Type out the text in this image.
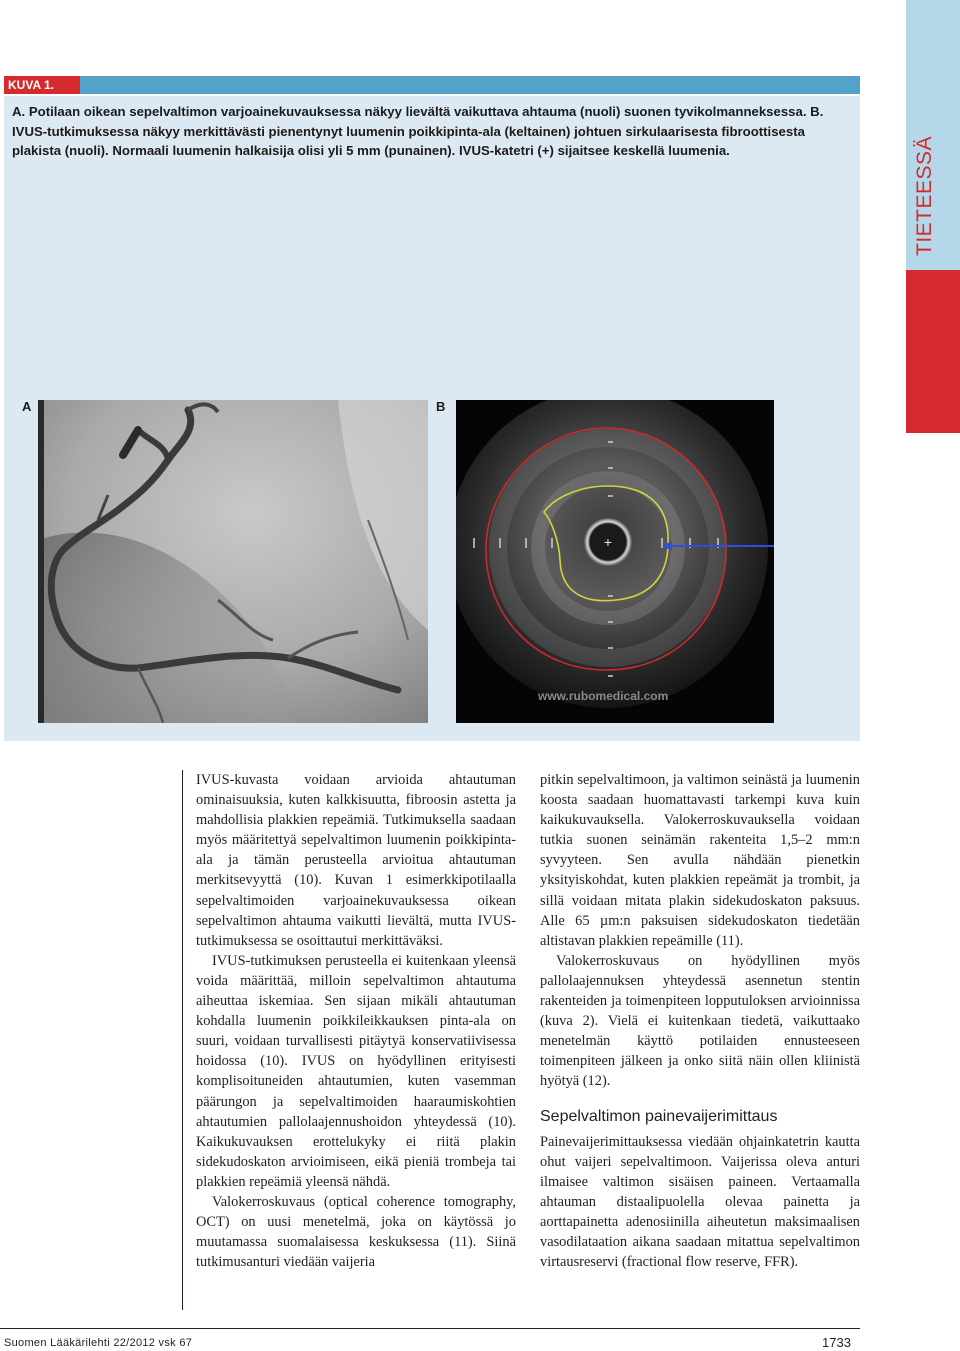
TIETEESSÄ
KUVA 1.
A. Potilaan oikean sepelvaltimon varjoainekuvauksessa näkyy lievältä vaikuttava ahtauma (nuoli) suonen tyvikolmanneksessa. B. IVUS-tutkimuksessa näkyy merkittävästi pienentynyt luumenin poikkipinta-ala (keltainen) johtuen sirkulaarisesta fibroottisesta plakista (nuoli). Normaali luumenin halkaisija olisi yli 5 mm (punainen). IVUS-katetri (+) sijaitsee keskellä luumenia.
A	B
+
www.rubomedical.com

IVUS-kuvasta voidaan arvioida ahtautuman ominaisuuksia, kuten kalkkisuutta, fibroosin astetta ja mahdollisia plakkien repeämiä. Tutkimuksella saadaan myös määritettyä sepelvaltimon luumenin poikkipinta-ala ja tämän perusteella arvioitua ahtautuman merkitsevyyttä (10). Kuvan 1 esimerkkipotilaalla sepelvaltimoiden varjoainekuvauksessa oikean sepelvaltimon ahtauma vaikutti lievältä, mutta IVUS-tutkimuksessa se osoittautui merkittäväksi.

IVUS-tutkimuksen perusteella ei kuitenkaan yleensä voida määrittää, milloin sepelvaltimon ahtautuma aiheuttaa iskemiaa. Sen sijaan mikäli ahtautuman kohdalla luumenin poikkileikkauksen pinta-ala on suuri, voidaan turvallisesti pitäytyä konservatiivisessa hoidossa (10). IVUS on hyödyllinen erityisesti komplisoituneiden ahtautumien, kuten vasemman päärungon ja sepelvaltimoiden haaraumiskohtien ahtautumien pallolaajennushoidon yhteydessä (10). Kaikukuvauksen erottelukyky ei riitä plakin sidekudoskaton arvioimiseen, eikä pieniä trombeja tai plakkien repeämiä yleensä nähdä.

Valokerroskuvaus (optical coherence tomography, OCT) on uusi menetelmä, joka on käytössä jo muutamassa suomalaisessa keskuksessa (11). Siinä tutkimusanturi viedään vaijeria

pitkin sepelvaltimoon, ja valtimon seinästä ja luumenin koosta saadaan huomattavasti tarkempi kuva kuin kaikukuvauksella. Valokerroskuvauksella voidaan tutkia suonen seinämän rakenteita 1,5–2 mm:n syvyyteen. Sen avulla nähdään pienetkin yksityiskohdat, kuten plakkien repeämät ja trombit, ja sillä voidaan mitata plakin sidekudoskaton paksuus. Alle 65 µm:n paksuisen sidekudoskaton tiedetään altistavan plakkien repeämille (11).

Valokerroskuvaus on hyödyllinen myös pallolaajennuksen yhteydessä asennetun stentin rakenteiden ja toimenpiteen lopputuloksen arvioinnissa (kuva 2). Vielä ei kuitenkaan tiedetä, vaikuttaako menetelmän käyttö potilaiden ennusteeseen toimenpiteen jälkeen ja onko siitä näin ollen kliinistä hyötyä (12).

Sepelvaltimon painevaijerimittaus

Painevaijerimittauksessa viedään ohjainkatetrin kautta ohut vaijeri sepelvaltimoon. Vaijerissa oleva anturi ilmaisee valtimon sisäisen paineen. Vertaamalla ahtauman distaalipuolella olevaa painetta ja aorttapainetta adenosiinilla aiheutetun maksimaalisen vasodilataation aikana saadaan mitattua sepelvaltimon virtausreservi (fractional flow reserve, FFR).

Suomen Lääkärilehti 22/2012 vsk 67	1733
